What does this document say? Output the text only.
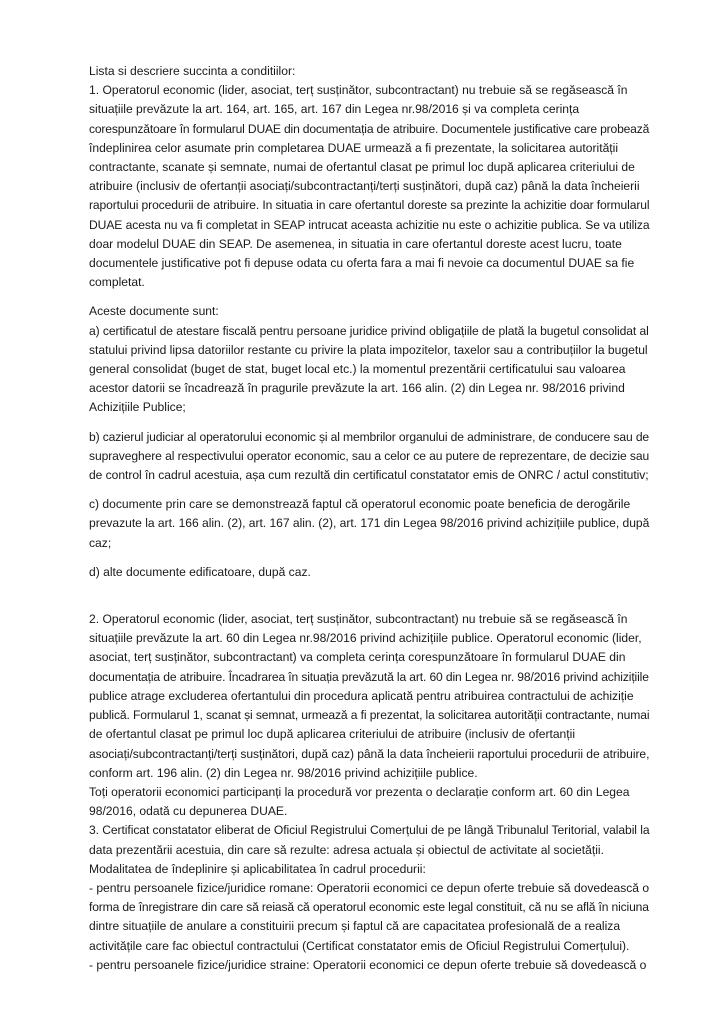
Lista si descriere succinta a conditiilor:
1. Operatorul economic (lider, asociat, terț susținător, subcontractant) nu trebuie să se regăsească în
situațiile prevăzute la art. 164, art. 165, art. 167 din Legea nr.98/2016 și va completa cerința
corespunzătoare în formularul DUAE din documentația de atribuire. Documentele justificative care probează
îndeplinirea celor asumate prin completarea DUAE urmează a fi prezentate, la solicitarea autorității
contractante, scanate și semnate, numai de ofertantul clasat pe primul loc după aplicarea criteriului de
atribuire (inclusiv de ofertanții asociați/subcontractanți/terți susținători, după caz) până la data încheierii
raportului procedurii de atribuire. In situatia in care ofertantul doreste sa prezinte la achizitie doar formularul
DUAE acesta nu va fi completat in SEAP intrucat aceasta achizitie nu este o achizitie publica. Se va utiliza
doar modelul DUAE din SEAP. De asemenea, in situatia in care ofertantul doreste acest lucru, toate
documentele justificative pot fi depuse odata cu oferta fara a mai fi nevoie ca documentul DUAE sa fie
completat.
Aceste documente sunt:
a) certificatul de atestare fiscală pentru persoane juridice privind obligațiile de plată la bugetul consolidat al
statului privind lipsa datoriilor restante cu privire la plata impozitelor, taxelor sau a contribuțiilor la bugetul
general consolidat (buget de stat, buget local etc.) la momentul prezentării certificatului sau valoarea
acestor datorii se încadrează în pragurile prevăzute la art. 166 alin. (2) din Legea nr. 98/2016 privind
Achizițiile Publice;
b) cazierul judiciar al operatorului economic și al membrilor organului de administrare, de conducere sau de
supraveghere al respectivului operator economic, sau a celor ce au putere de reprezentare, de decizie sau
de control în cadrul acestuia, așa cum rezultă din certificatul constatator emis de ONRC / actul constitutiv;
c) documente prin care se demonstrează faptul că operatorul economic poate beneficia de derogările
prevazute la art. 166 alin. (2), art. 167 alin. (2), art. 171 din Legea 98/2016 privind achizițiile publice, după
caz;
d) alte documente edificatoare, după caz.
2. Operatorul economic (lider, asociat, terț susținător, subcontractant) nu trebuie să se regăsească în
situațiile prevăzute la art. 60 din Legea nr.98/2016 privind achizițiile publice. Operatorul economic (lider,
asociat, terț susținător, subcontractant) va completa cerința corespunzătoare în formularul DUAE din
documentația de atribuire. Încadrarea în situația prevăzută la art. 60 din Legea nr. 98/2016 privind achizițiile
publice atrage excluderea ofertantului din procedura aplicată pentru atribuirea contractului de achiziție
publică. Formularul 1, scanat și semnat, urmează a fi prezentat, la solicitarea autorității contractante, numai
de ofertantul clasat pe primul loc după aplicarea criteriului de atribuire (inclusiv de ofertanții
asociați/subcontractanți/terți susținători, după caz) până la data încheierii raportului procedurii de atribuire,
conform art. 196 alin. (2) din Legea nr. 98/2016 privind achizițiile publice.
Toți operatorii economici participanți la procedură vor prezenta o declarație conform art. 60 din Legea
98/2016, odată cu depunerea DUAE.
3. Certificat constatator eliberat de Oficiul Registrului Comerțului de pe lângă Tribunalul Teritorial, valabil la
data prezentării acestuia, din care să rezulte: adresa actuala și obiectul de activitate al societății.
Modalitatea de îndeplinire și aplicabilitatea în cadrul procedurii:
- pentru persoanele fizice/juridice romane: Operatorii economici ce depun oferte trebuie să dovedească o
forma de înregistrare din care să reiasă că operatorul economic este legal constituit, că nu se află în niciuna
dintre situațiile de anulare a constituirii precum și faptul că are capacitatea profesională de a realiza
activitățile care fac obiectul contractului (Certificat constatator emis de Oficiul Registrului Comerțului).
- pentru persoanele fizice/juridice straine: Operatorii economici ce depun oferte trebuie să dovedească o
